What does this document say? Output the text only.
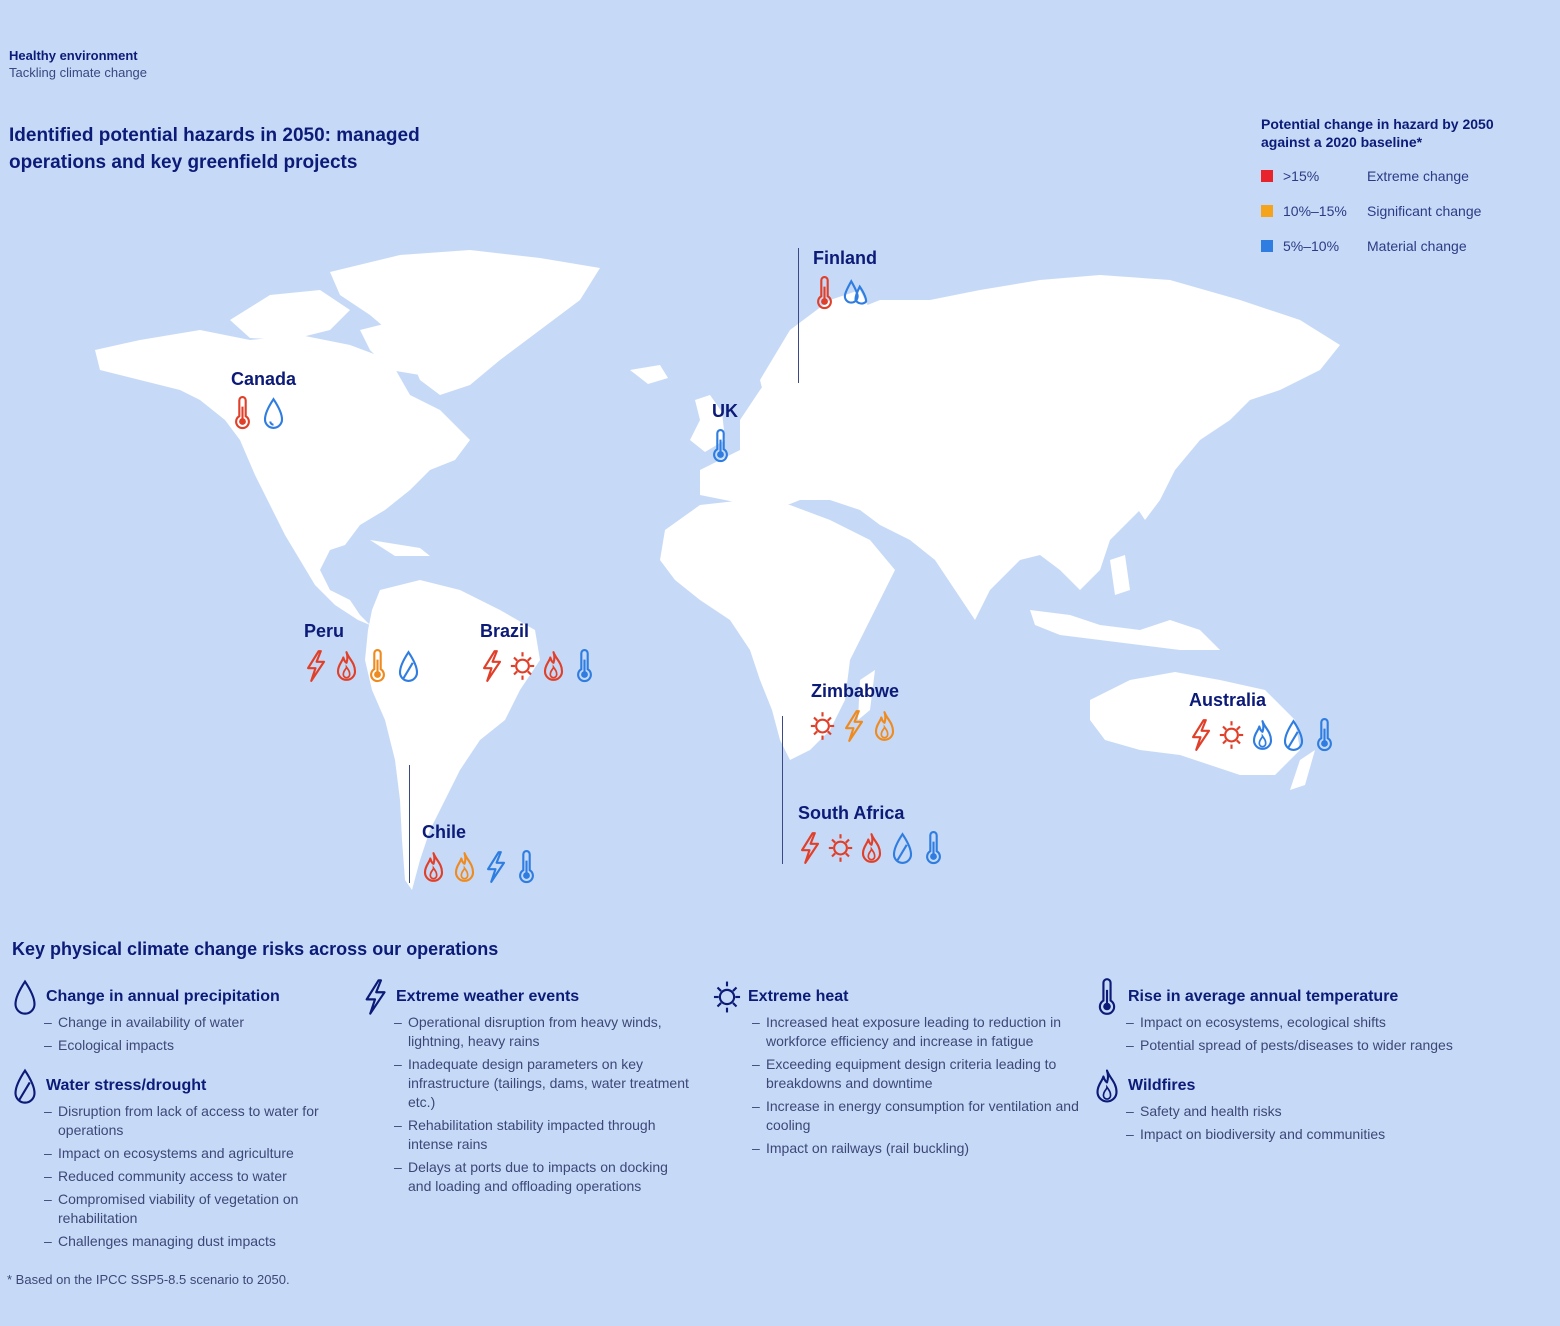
Healthy environment
Tackling climate change
Identified potential hazards in 2050: managed operations and key greenfield projects
Potential change in hazard by 2050 against a 2020 baseline*
>15%	Extreme change
10%–15%	Significant change
5%–10%	Material change
Canada
Finland
UK
Peru	Brazil
Zimbabwe	Australia
South Africa
Chile
Key physical climate change risks across our operations
Change in annual precipitation
– Change in availability of water
– Ecological impacts
Water stress/drought
– Disruption from lack of access to water for operations
– Impact on ecosystems and agriculture
– Reduced community access to water
– Compromised viability of vegetation on rehabilitation
– Challenges managing dust impacts
Extreme weather events
– Operational disruption from heavy winds, lightning, heavy rains
– Inadequate design parameters on key infrastructure (tailings, dams, water treatment etc.)
– Rehabilitation stability impacted through intense rains
– Delays at ports due to impacts on docking and loading and offloading operations
Extreme heat
– Increased heat exposure leading to reduction in workforce efficiency and increase in fatigue
– Exceeding equipment design criteria leading to breakdowns and downtime
– Increase in energy consumption for ventilation and cooling
– Impact on railways (rail buckling)
Rise in average annual temperature
– Impact on ecosystems, ecological shifts
– Potential spread of pests/diseases to wider ranges
Wildfires
– Safety and health risks
– Impact on biodiversity and communities
* Based on the IPCC SSP5-8.5 scenario to 2050.
